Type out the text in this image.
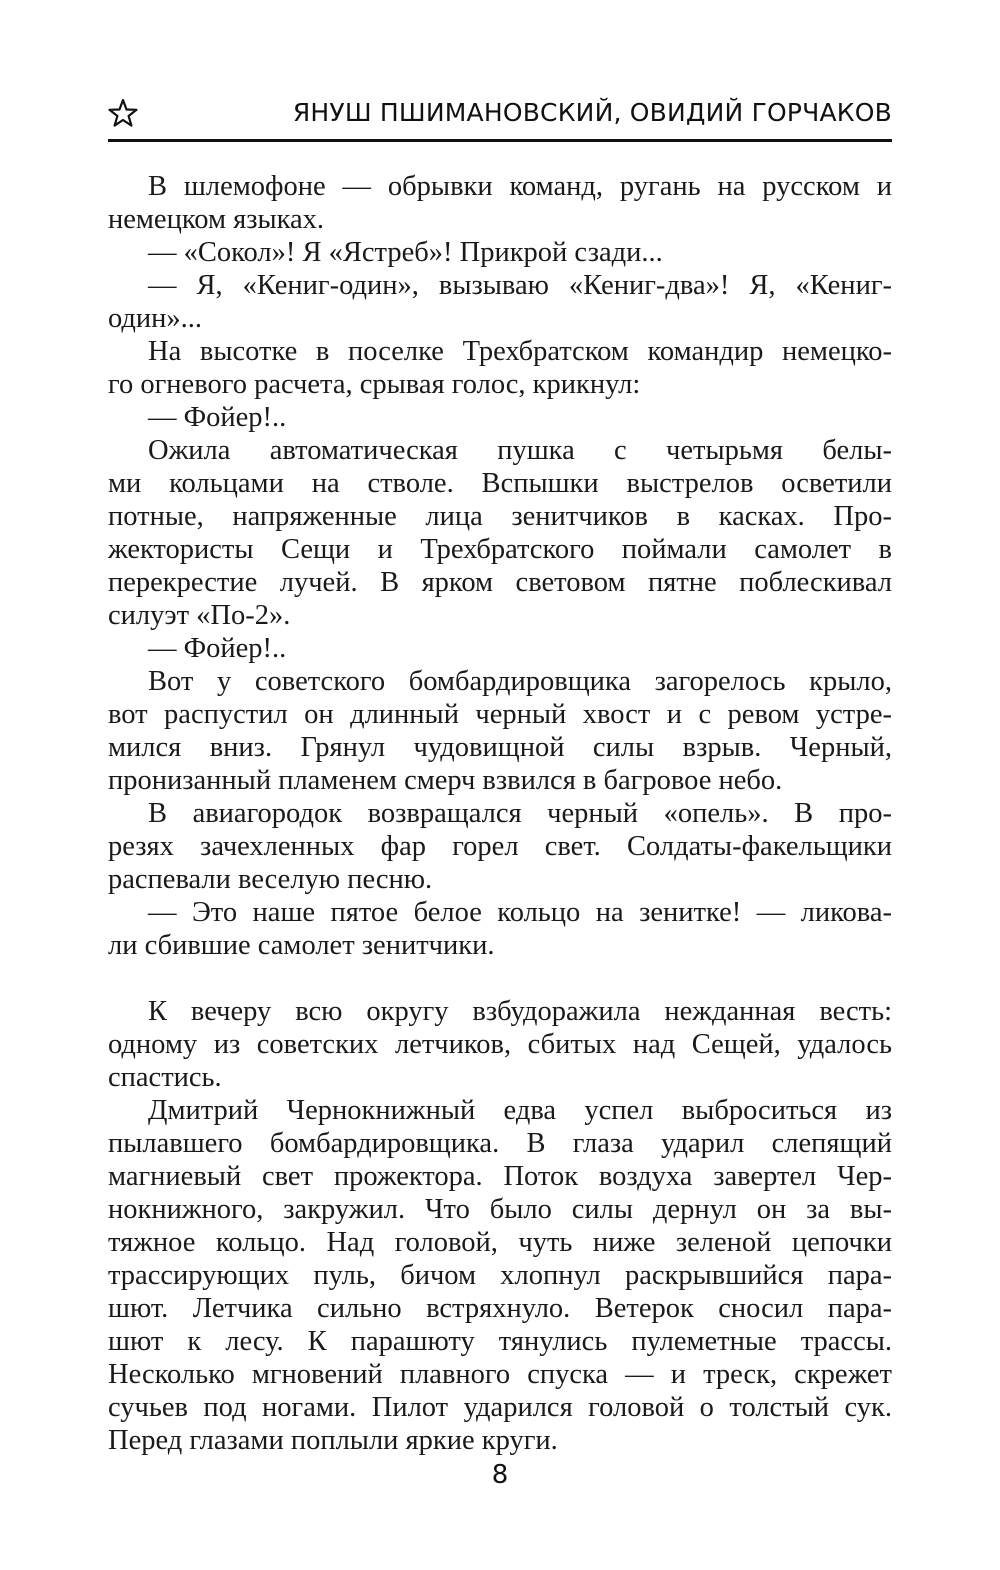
ЯНУШ ПШИМАНОВСКИЙ, ОВИДИЙ ГОРЧАКОВ
В шлемофоне — обрывки команд, ругань на русском и
немецком языках.
— «Сокол»! Я «Ястреб»! Прикрой сзади...
— Я, «Кениг-один», вызываю «Кениг-два»! Я, «Кениг-
один»...
На высотке в поселке Трехбратском командир немецко-
го огневого расчета, срывая голос, крикнул:
— Фойер!..
Ожила автоматическая пушка с четырьмя белы-
ми кольцами на стволе. Вспышки выстрелов осветили
потные, напряженные лица зенитчиков в касках. Про-
жектористы Сещи и Трехбратского поймали самолет в
перекрестие лучей. В ярком световом пятне поблескивал
силуэт «По-2».
— Фойер!..
Вот у советского бомбардировщика загорелось крыло,
вот распустил он длинный черный хвост и с ревом устре-
мился вниз. Грянул чудовищной силы взрыв. Черный,
пронизанный пламенем смерч взвился в багровое небо.
В авиагородок возвращался черный «опель». В про-
резях зачехленных фар горел свет. Солдаты-факельщики
распевали веселую песню.
— Это наше пятое белое кольцо на зенитке! — ликова-
ли сбившие самолет зенитчики.
К вечеру всю округу взбудоражила нежданная весть:
одному из советских летчиков, сбитых над Сещей, удалось
спастись.
Дмитрий Чернокнижный едва успел выброситься из
пылавшего бомбардировщика. В глаза ударил слепящий
магниевый свет прожектора. Поток воздуха завертел Чер-
нокнижного, закружил. Что было силы дернул он за вы-
тяжное кольцо. Над головой, чуть ниже зеленой цепочки
трассирующих пуль, бичом хлопнул раскрывшийся пара-
шют. Летчика сильно встряхнуло. Ветерок сносил пара-
шют к лесу. К парашюту тянулись пулеметные трассы.
Несколько мгновений плавного спуска — и треск, скрежет
сучьев под ногами. Пилот ударился головой о толстый сук.
Перед глазами поплыли яркие круги.
8
